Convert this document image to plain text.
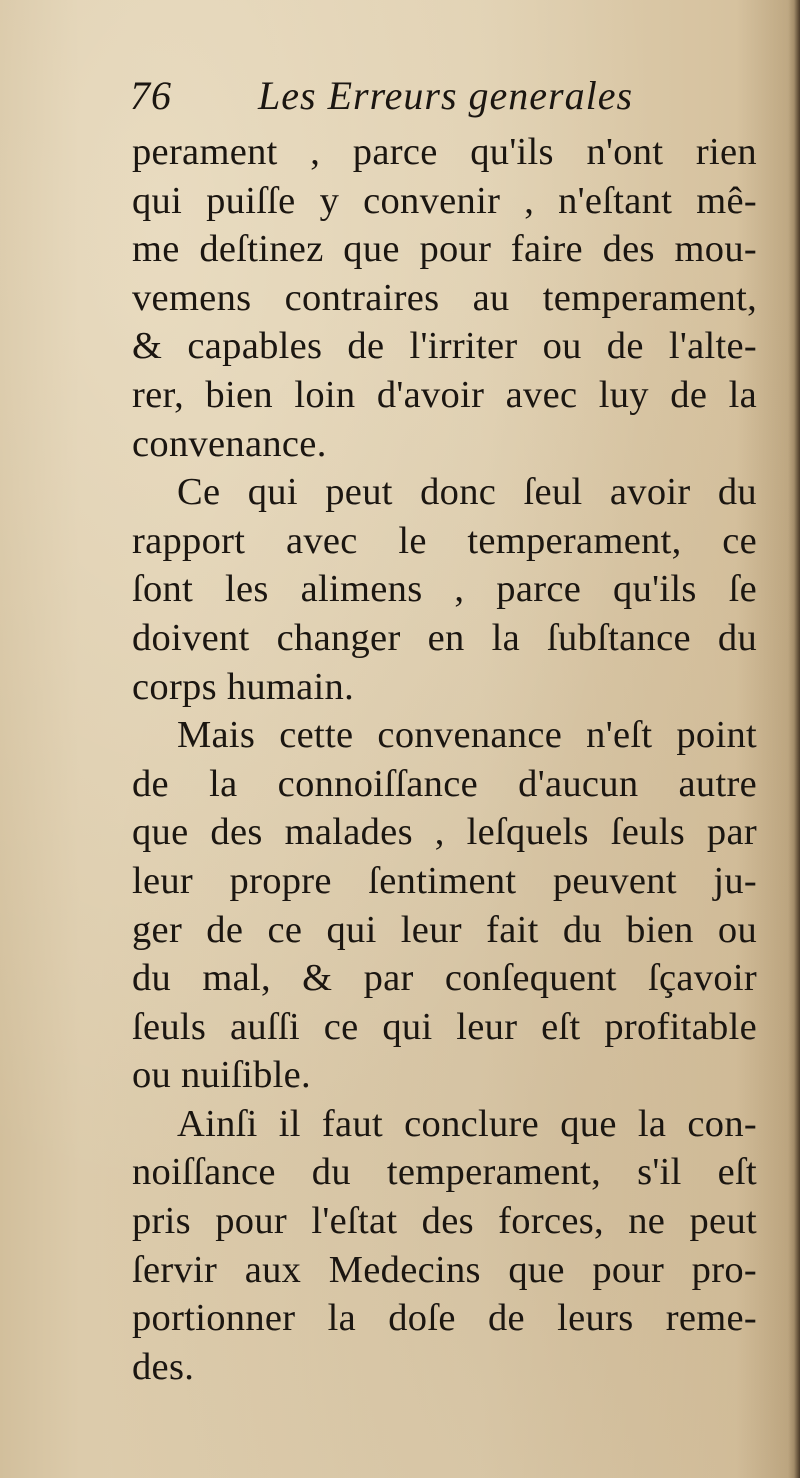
76 Les Erreurs generales
perament , parce qu'ils n'ont rien
qui puiſſe y convenir , n'eſtant mê-
me deſtinez que pour faire des mou-
vemens contraires au temperament,
& capables de l'irriter ou de l'alte-
rer, bien loin d'avoir avec luy de la
convenance.
Ce qui peut donc ſeul avoir du
rapport avec le temperament, ce
ſont les alimens , parce qu'ils ſe
doivent changer en la ſubſtance du
corps humain.
Mais cette convenance n'eſt point
de la connoiſſance d'aucun autre
que des malades , leſquels ſeuls par
leur propre ſentiment peuvent ju-
ger de ce qui leur fait du bien ou
du mal, & par conſequent ſçavoir
ſeuls auſſi ce qui leur eſt profitable
ou nuiſible.
Ainſi il faut conclure que la con-
noiſſance du temperament, s'il eſt
pris pour l'eſtat des forces, ne peut
ſervir aux Medecins que pour pro-
portionner la doſe de leurs reme-
des.
